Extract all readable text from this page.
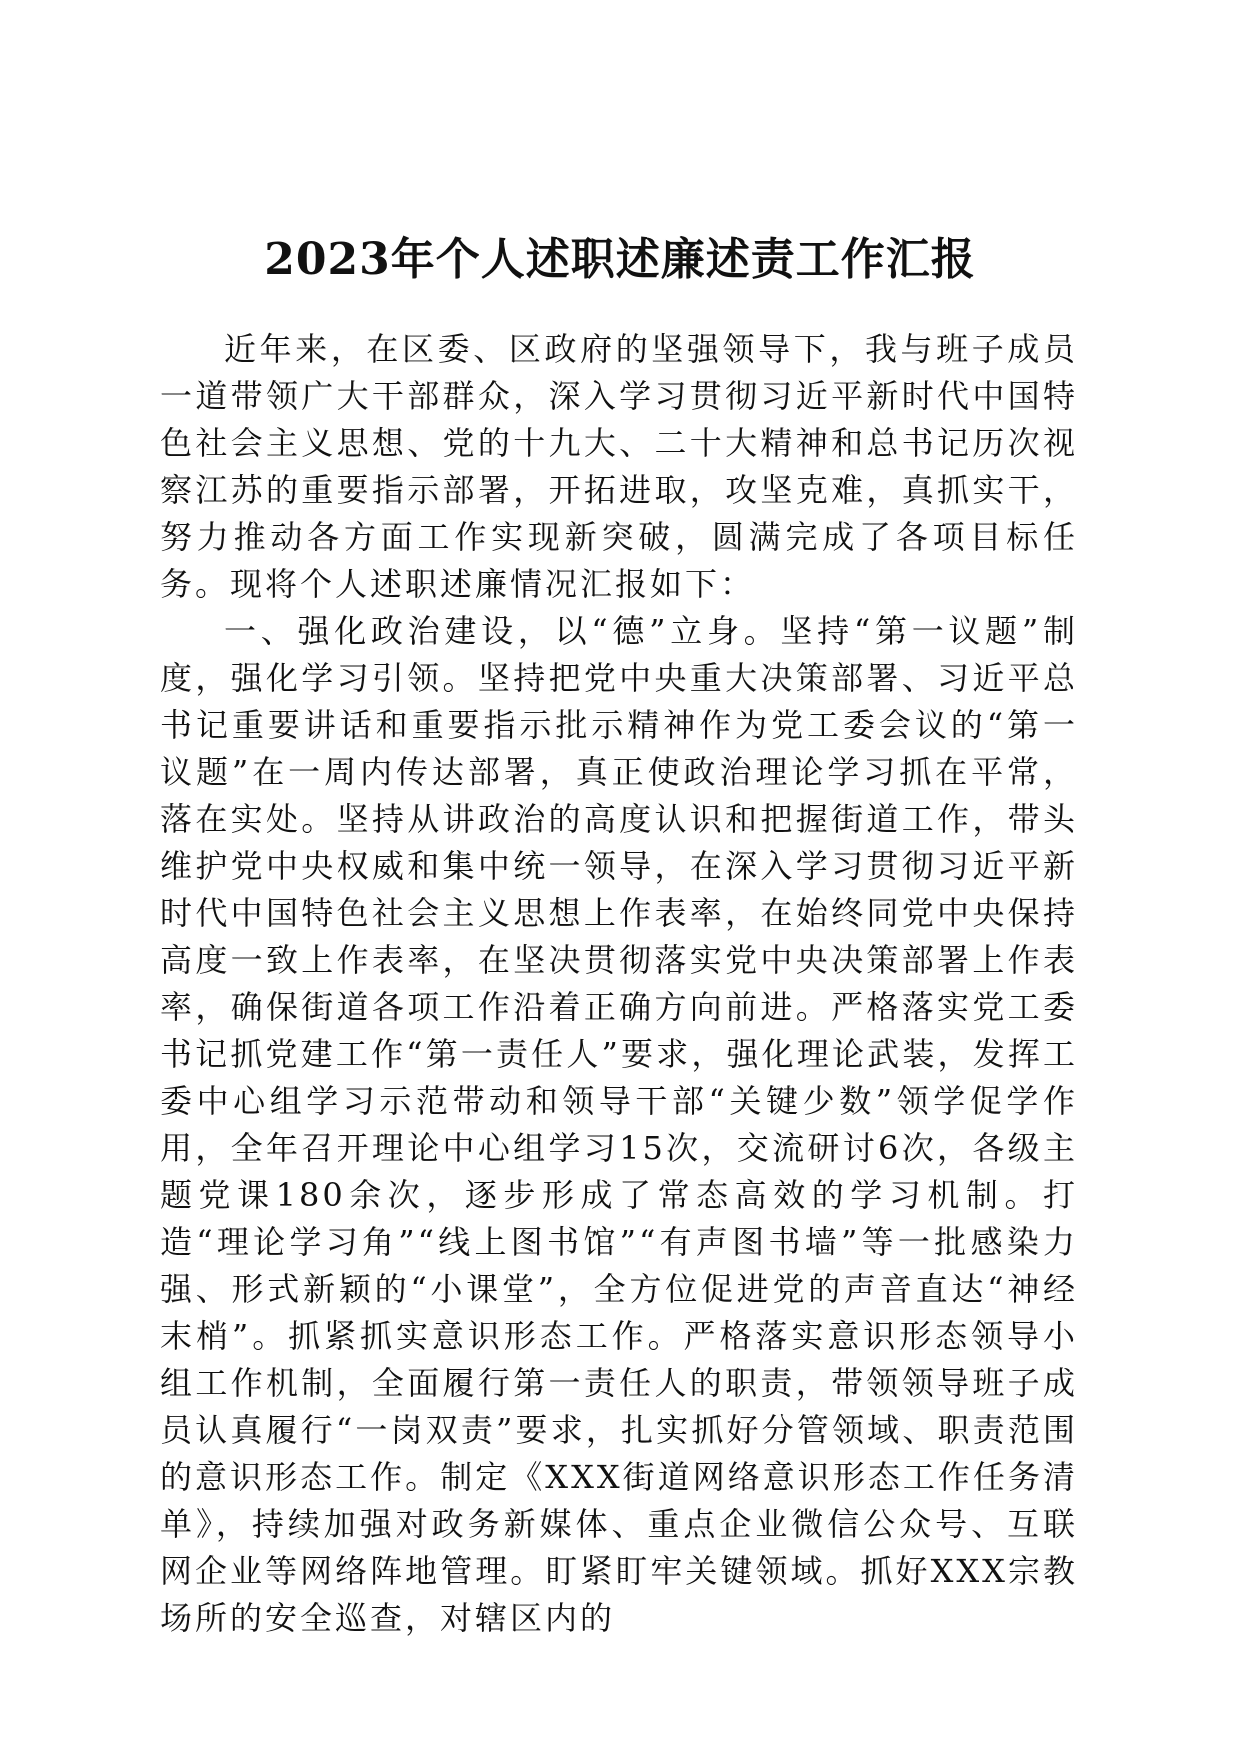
2023年个人述职述廉述责工作汇报

近年来，在区委、区政府的坚强领导下，我与班子成员一道带领广大干部群众，深入学习贯彻习近平新时代中国特色社会主义思想、党的十九大、二十大精神和总书记历次视察江苏的重要指示部署，开拓进取，攻坚克难，真抓实干，努力推动各方面工作实现新突破，圆满完成了各项目标任务。现将个人述职述廉情况汇报如下：

一、强化政治建设，以“德”立身。坚持“第一议题”制度，强化学习引领。坚持把党中央重大决策部署、习近平总书记重要讲话和重要指示批示精神作为党工委会议的“第一议题”在一周内传达部署，真正使政治理论学习抓在平常，落在实处。坚持从讲政治的高度认识和把握街道工作，带头维护党中央权威和集中统一领导，在深入学习贯彻习近平新时代中国特色社会主义思想上作表率，在始终同党中央保持高度一致上作表率，在坚决贯彻落实党中央决策部署上作表率，确保街道各项工作沿着正确方向前进。严格落实党工委书记抓党建工作“第一责任人”要求，强化理论武装，发挥工委中心组学习示范带动和领导干部“关键少数”领学促学作用，全年召开理论中心组学习15次，交流研讨6次，各级主题党课180余次，逐步形成了常态高效的学习机制。打造“理论学习角”“线上图书馆”“有声图书墙”等一批感染力强、形式新颖的“小课堂”，全方位促进党的声音直达“神经末梢”。抓紧抓实意识形态工作。严格落实意识形态领导小组工作机制，全面履行第一责任人的职责，带领领导班子成员认真履行“一岗双责”要求，扎实抓好分管领域、职责范围的意识形态工作。制定《XXX街道网络意识形态工作任务清单》，持续加强对政务新媒体、重点企业微信公众号、互联网企业等网络阵地管理。盯紧盯牢关键领域。抓好XXX宗教场所的安全巡查，对辖区内的
